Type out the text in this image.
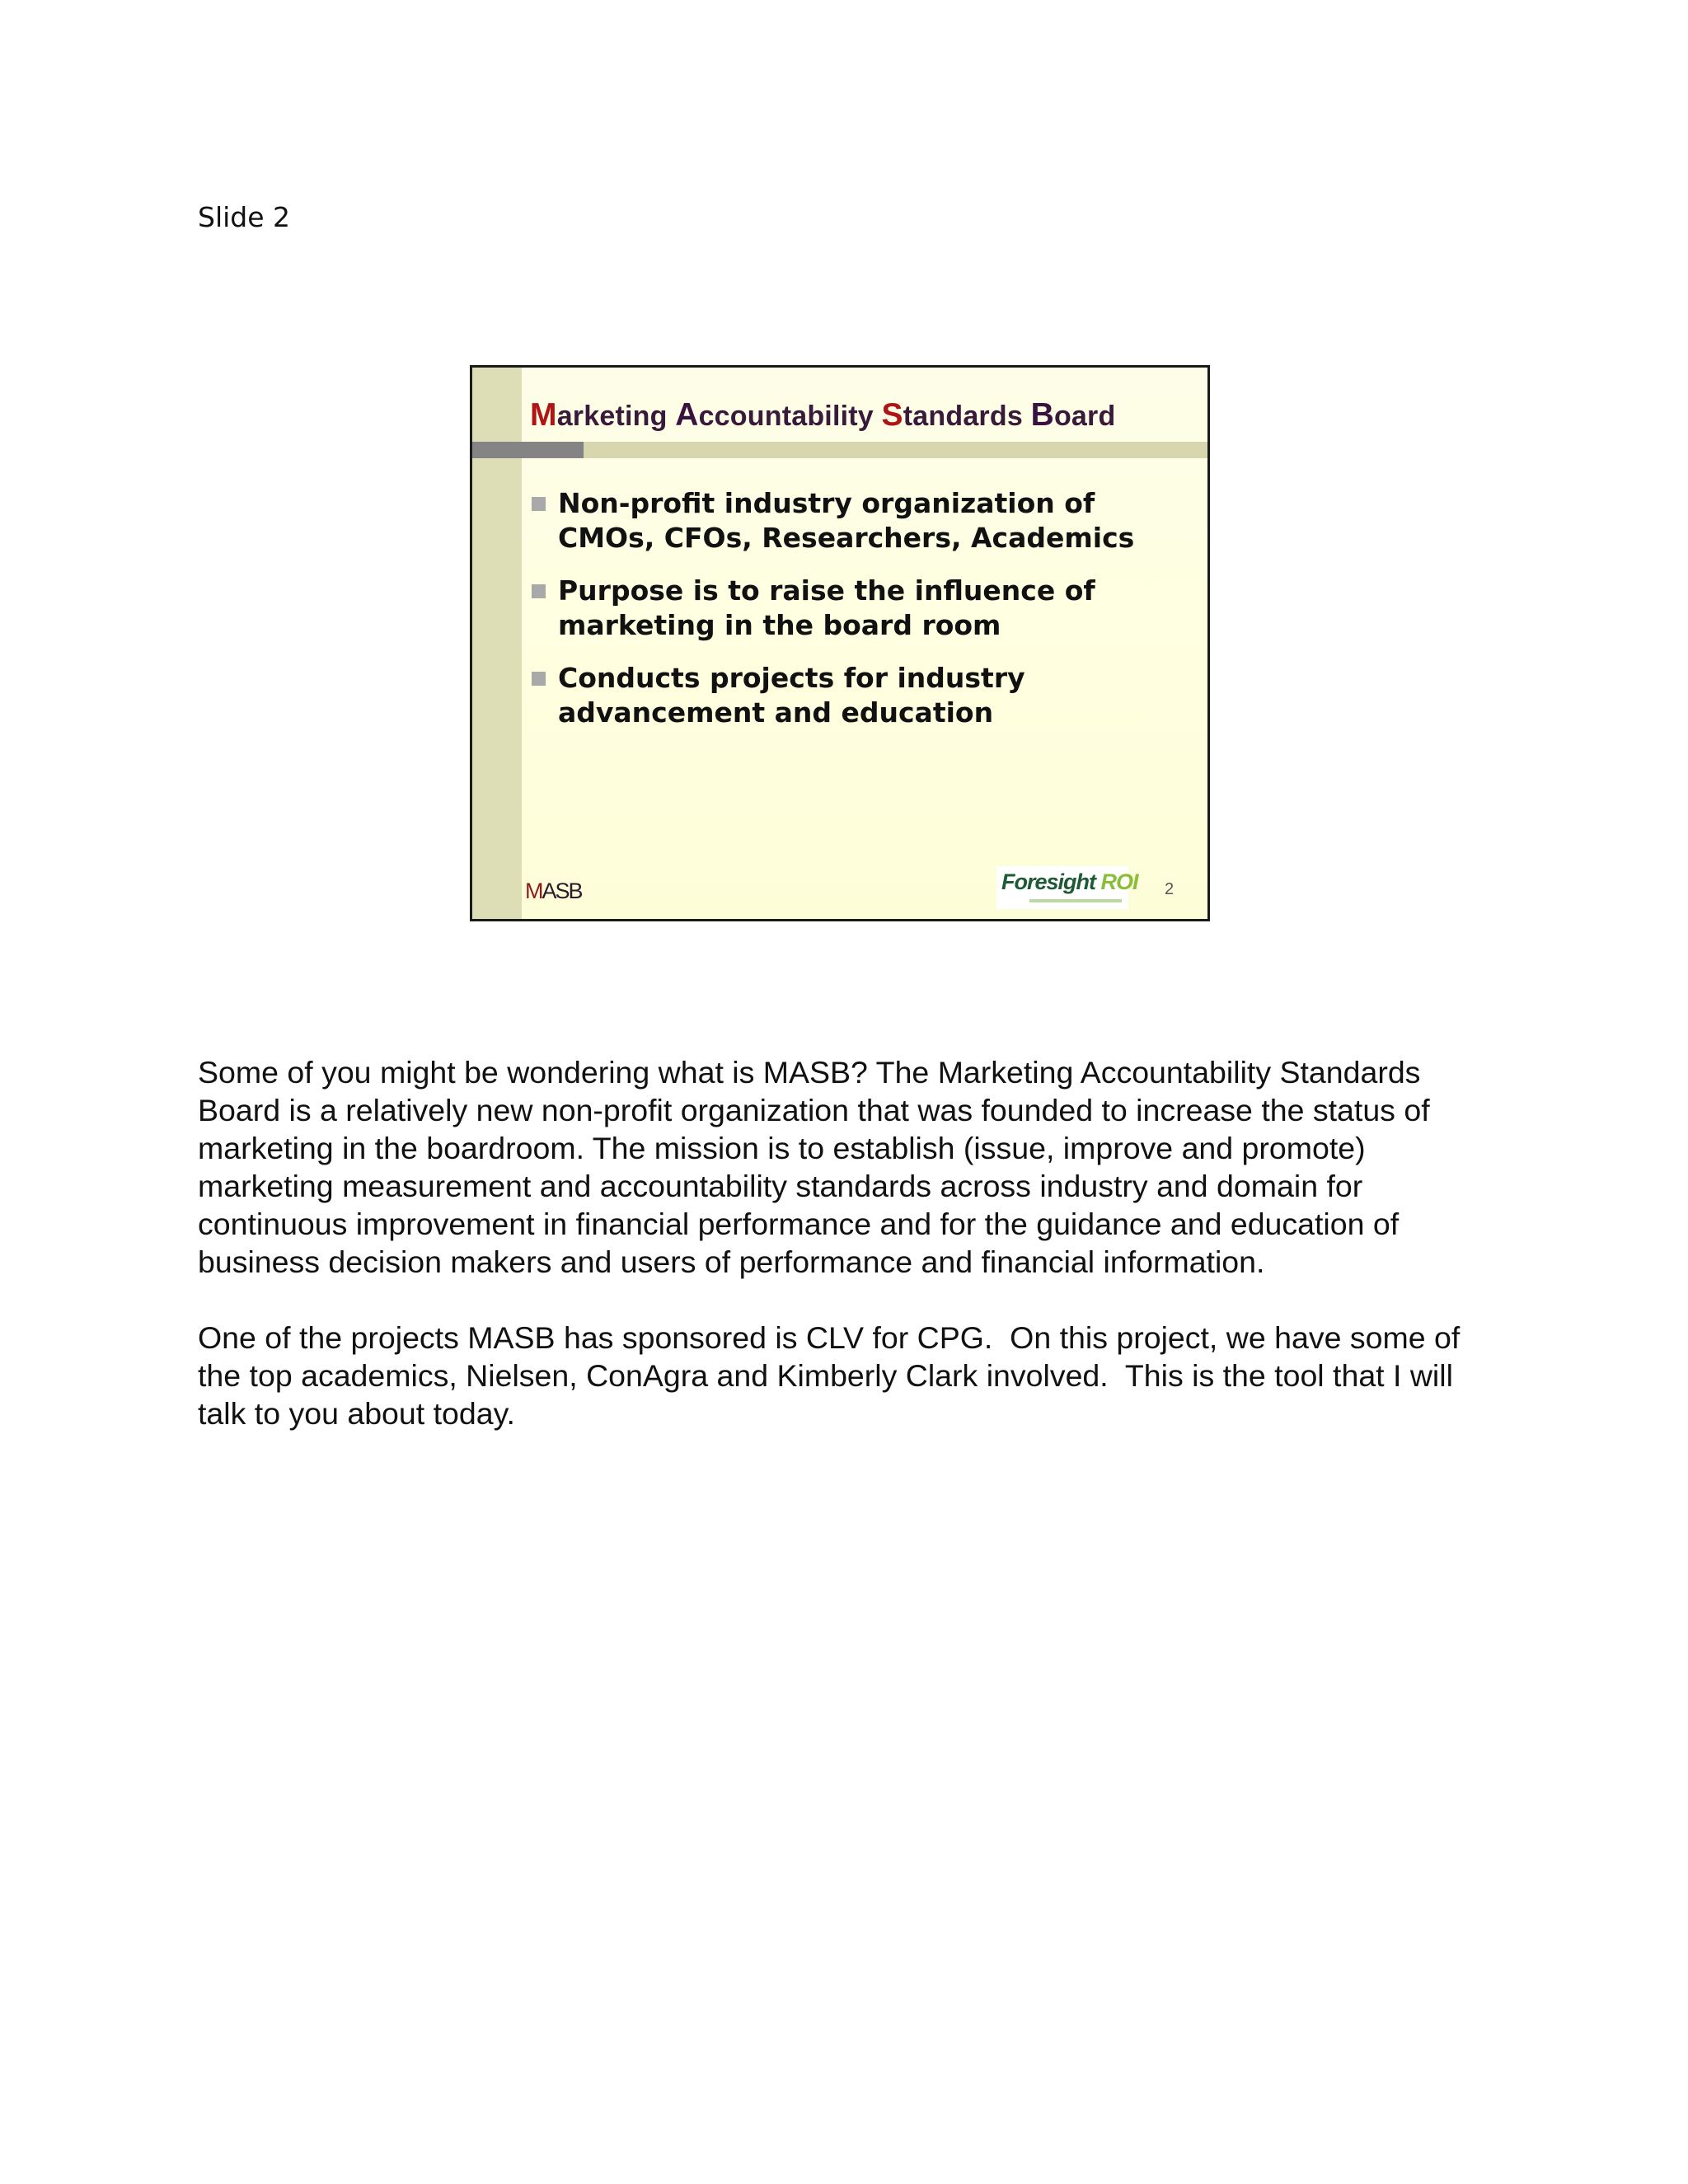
Slide 2
Marketing Accountability Standards Board
Non-profit industry organization of CMOs, CFOs, Researchers, Academics
Purpose is to raise the influence of marketing in the board room
Conducts projects for industry advancement and education
MASB	Foresight ROI 2

Some of you might be wondering what is MASB? The Marketing Accountability Standards Board is a relatively new non-profit organization that was founded to increase the status of marketing in the boardroom. The mission is to establish (issue, improve and promote) marketing measurement and accountability standards across industry and domain for continuous improvement in financial performance and for the guidance and education of business decision makers and users of performance and financial information.

One of the projects MASB has sponsored is CLV for CPG.  On this project, we have some of the top academics, Nielsen, ConAgra and Kimberly Clark involved.  This is the tool that I will talk to you about today.
